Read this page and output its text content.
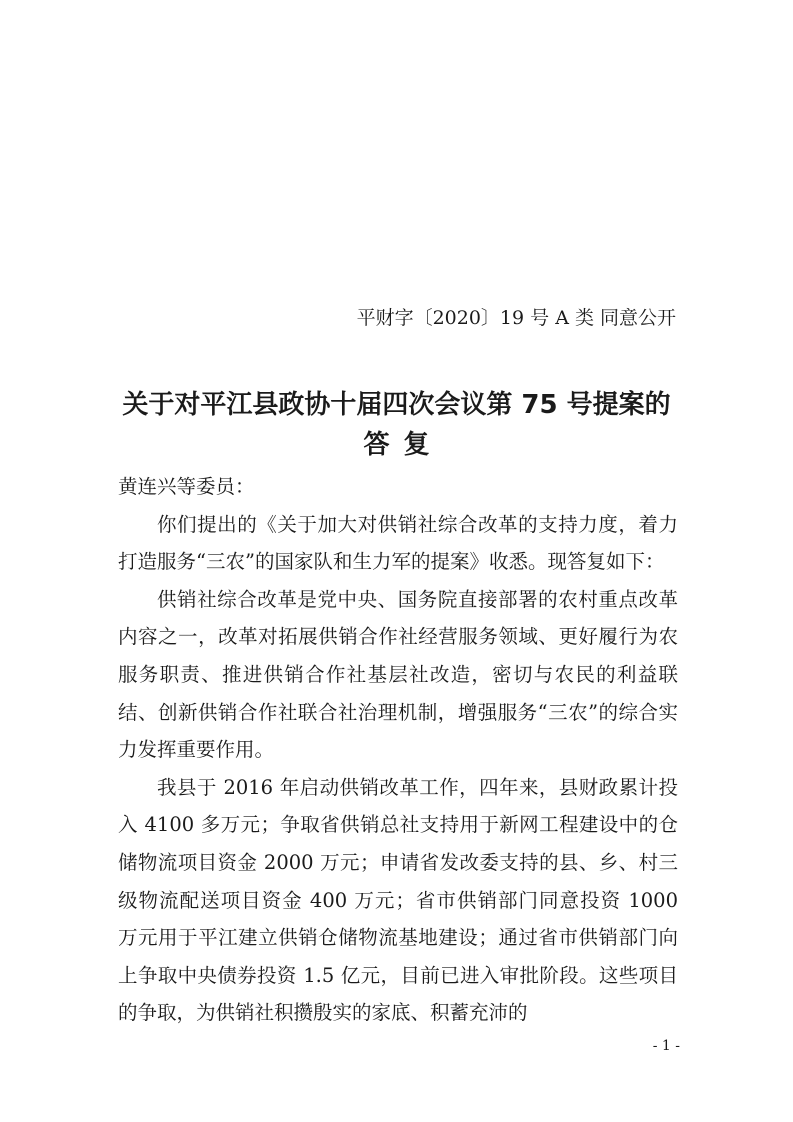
平财字〔2020〕19 号 A 类 同意公开
关于对平江县政协十届四次会议第 75 号提案的
答复

黄连兴等委员：

你们提出的《关于加大对供销社综合改革的支持力度，着力打造服务“三农”的国家队和生力军的提案》收悉。现答复如下：

供销社综合改革是党中央、国务院直接部署的农村重点改革内容之一，改革对拓展供销合作社经营服务领域、更好履行为农服务职责、推进供销合作社基层社改造，密切与农民的利益联结、创新供销合作社联合社治理机制，增强服务“三农”的综合实力发挥重要作用。

我县于 2016 年启动供销改革工作，四年来，县财政累计投入 4100 多万元；争取省供销总社支持用于新网工程建设中的仓储物流项目资金 2000 万元；申请省发改委支持的县、乡、村三级物流配送项目资金 400 万元；省市供销部门同意投资 1000 万元用于平江建立供销仓储物流基地建设；通过省市供销部门向上争取中央债券投资 1.5 亿元，目前已进入审批阶段。这些项目的争取，为供销社积攒殷实的家底、积蓄充沛的

- 1 -
